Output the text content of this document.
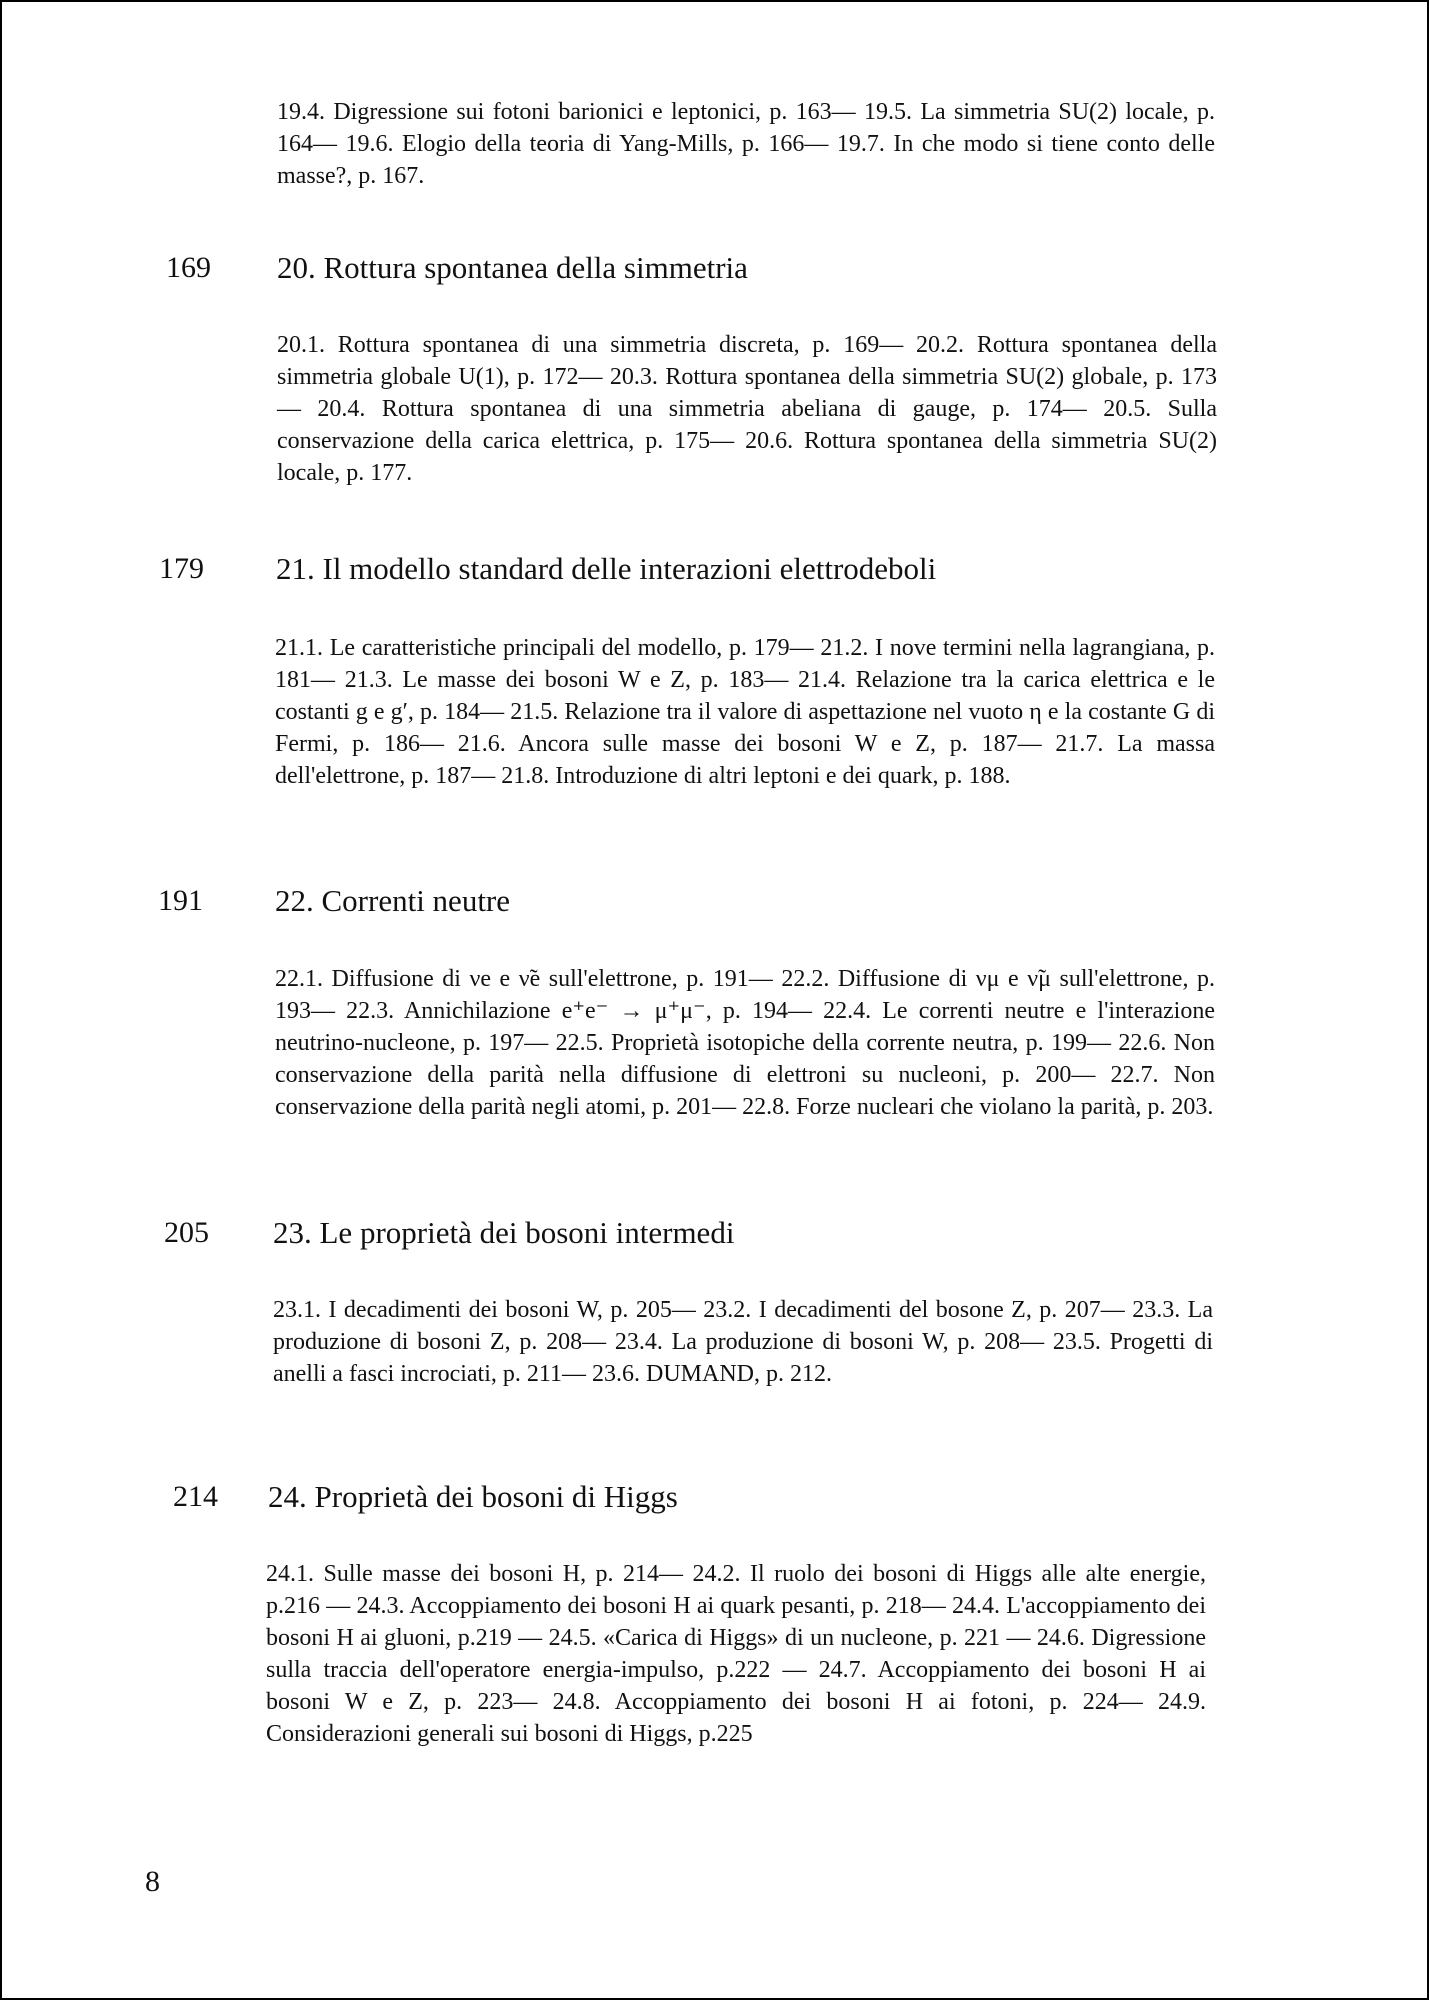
19.4. Digressione sui fotoni barionici e leptonici, p. 163— 19.5. La simmetria SU(2) locale, p. 164— 19.6. Elogio della teoria di Yang-Mills, p. 166— 19.7. In che modo si tiene conto delle masse?, p. 167.
169 20. Rottura spontanea della simmetria
20.1. Rottura spontanea di una simmetria discreta, p. 169— 20.2. Rottura spontanea della simmetria globale U(1), p. 172— 20.3. Rottura spontanea della simmetria SU(2) globale, p. 173— 20.4. Rottura spontanea di una simmetria abeliana di gauge, p. 174— 20.5. Sulla conservazione della carica elettrica, p. 175— 20.6. Rottura spontanea della simmetria SU(2) locale, p. 177.
179 21. Il modello standard delle interazioni elettrodeboli
21.1. Le caratteristiche principali del modello, p. 179— 21.2. I nove termini nella lagrangiana, p. 181— 21.3. Le masse dei bosoni W e Z, p. 183— 21.4. Relazione tra la carica elettrica e le costanti g e g′, p. 184— 21.5. Relazione tra il valore di aspettazione nel vuoto η e la costante G di Fermi, p. 186— 21.6. Ancora sulle masse dei bosoni W e Z, p. 187— 21.7. La massa dell'elettrone, p. 187— 21.8. Introduzione di altri leptoni e dei quark, p. 188.
191 22. Correnti neutre
22.1. Diffusione di νe e ν̃e sull'elettrone, p. 191— 22.2. Diffusione di νμ e ν̃μ sull'elettrone, p. 193— 22.3. Annichilazione e⁺e⁻ → μ⁺μ⁻, p. 194— 22.4. Le correnti neutre e l'interazione neutrino-nucleone, p. 197— 22.5. Proprietà isotopiche della corrente neutra, p. 199— 22.6. Non conservazione della parità nella diffusione di elettroni su nucleoni, p. 200— 22.7. Non conservazione della parità negli atomi, p. 201— 22.8. Forze nucleari che violano la parità, p. 203.
205 23. Le proprietà dei bosoni intermedi
23.1. I decadimenti dei bosoni W, p. 205— 23.2. I decadimenti del bosone Z, p. 207— 23.3. La produzione di bosoni Z, p. 208— 23.4. La produzione di bosoni W, p. 208— 23.5. Progetti di anelli a fasci incrociati, p. 211— 23.6. DUMAND, p. 212.
214 24. Proprietà dei bosoni di Higgs
24.1. Sulle masse dei bosoni H, p. 214— 24.2. Il ruolo dei bosoni di Higgs alle alte energie, p.216 — 24.3. Accoppiamento dei bosoni H ai quark pesanti, p. 218— 24.4. L'accoppiamento dei bosoni H ai gluoni, p.219 — 24.5. «Carica di Higgs» di un nucleone, p. 221 — 24.6. Digressione sulla traccia dell'operatore energia-impulso, p.222 — 24.7. Accoppiamento dei bosoni H ai bosoni W e Z, p. 223— 24.8. Accoppiamento dei bosoni H ai fotoni, p. 224— 24.9. Considerazioni generali sui bosoni di Higgs, p.225
8
